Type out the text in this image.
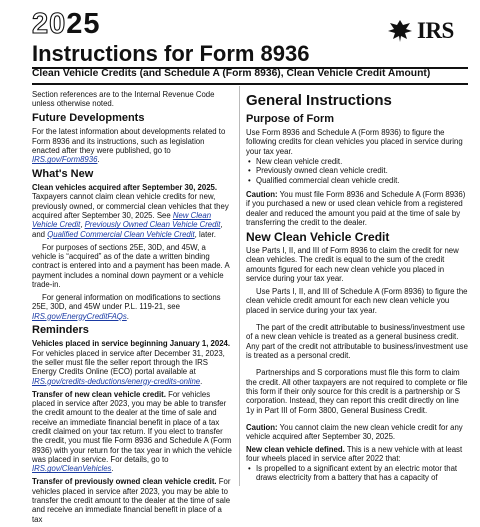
2025	IRS
Instructions for Form 8936
Clean Vehicle Credits (and Schedule A (Form 8936), Clean Vehicle Credit Amount)

Section references are to the Internal Revenue Code unless otherwise noted.

Future Developments

For the latest information about developments related to Form 8936 and its instructions, such as legislation enacted after they were published, go to IRS.gov/Form8936.

What's New

Clean vehicles acquired after September 30, 2025. Taxpayers cannot claim clean vehicle credits for new, previously owned, or commercial clean vehicles that they acquired after September 30, 2025. See New Clean Vehicle Credit, Previously Owned Clean Vehicle Credit, and Qualified Commercial Clean Vehicle Credit, later.

For purposes of sections 25E, 30D, and 45W, a vehicle is “acquired” as of the date a written binding contract is entered into and a payment has been made. A payment includes a nominal down payment or a vehicle trade-in.

For general information on modifications to sections 25E, 30D, and 45W under P.L. 119-21, see IRS.gov/EnergyCreditFAQs.

Reminders

Vehicles placed in service beginning January 1, 2024. For vehicles placed in service after December 31, 2023, the seller must file the seller report through the IRS Energy Credits Online (ECO) portal available at IRS.gov/credits-deductions/energy-credits-online.

Transfer of new clean vehicle credit. For vehicles placed in service after 2023, you may be able to transfer the credit amount to the dealer at the time of sale and receive an immediate financial benefit in place of a tax credit claimed on your tax return. If you elect to transfer the credit, you must file Form 8936 and Schedule A (Form 8936) with your return for the tax year in which the vehicle was placed in service. For details, go to IRS.gov/CleanVehicles.

Transfer of previously owned clean vehicle credit. For vehicles placed in service after 2023, you may be able to transfer the credit amount to the dealer at the time of sale and receive an immediate financial benefit in place of a tax

General Instructions
Purpose of Form

Use Form 8936 and Schedule A (Form 8936) to figure the following credits for clean vehicles you placed in service during your tax year.

• New clean vehicle credit.
• Previously owned clean vehicle credit.
• Qualified commercial clean vehicle credit.

Caution: You must file Form 8936 and Schedule A (Form 8936) if you purchased a new or used clean vehicle from a registered dealer and reduced the amount you paid at the time of sale by transferring the credit to the dealer.

New Clean Vehicle Credit

Use Parts I, II, and III of Form 8936 to claim the credit for new clean vehicles. The credit is equal to the sum of the credit amounts figured for each new clean vehicle you placed in service during your tax year.

Use Parts I, II, and III of Schedule A (Form 8936) to figure the clean vehicle credit amount for each new clean vehicle you placed in service during your tax year.

The part of the credit attributable to business/investment use of a new clean vehicle is treated as a general business credit. Any part of the credit not attributable to business/investment use is treated as a personal credit.

Partnerships and S corporations must file this form to claim the credit. All other taxpayers are not required to complete or file this form if their only source for this credit is a partnership or S corporation. Instead, they can report this credit directly on line 1y in Part III of Form 3800, General Business Credit.

Caution: You cannot claim the new clean vehicle credit for any vehicle acquired after September 30, 2025.

New clean vehicle defined. This is a new vehicle with at least four wheels placed in service after 2022 that:

• Is propelled to a significant extent by an electric motor that draws electricity from a battery that has a capacity of
